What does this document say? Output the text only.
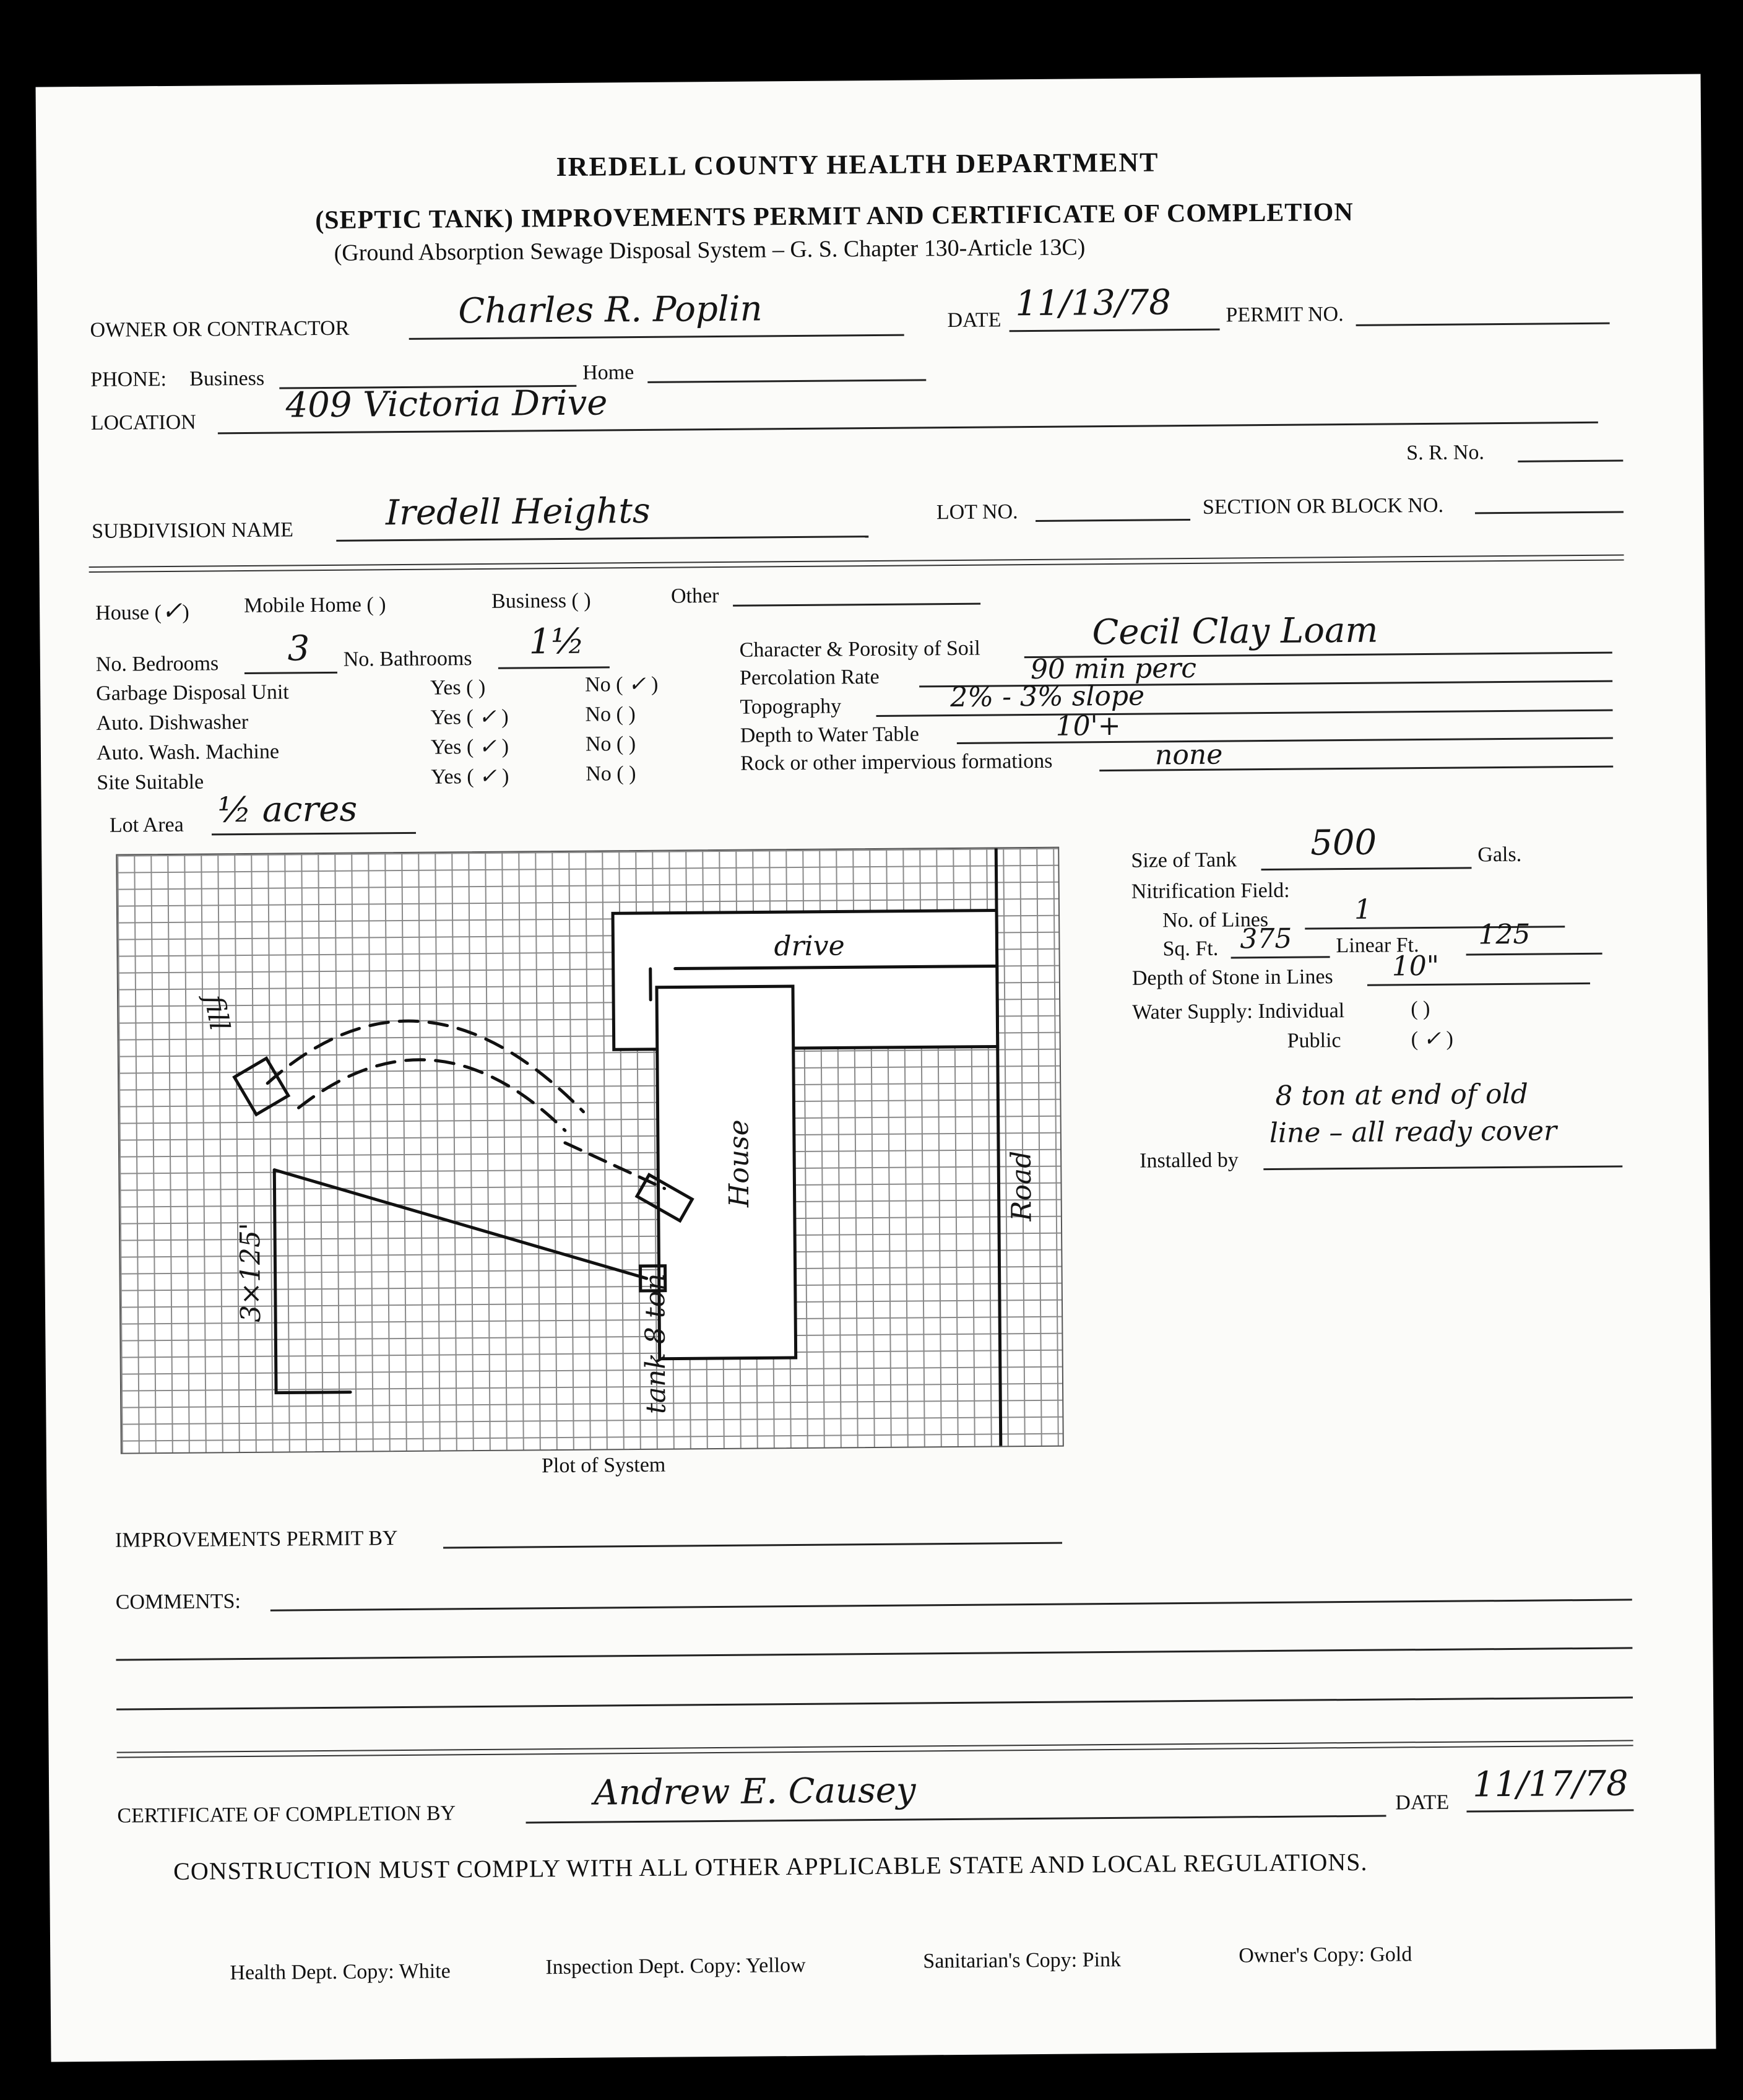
IREDELL COUNTY HEALTH DEPARTMENT
(SEPTIC TANK) IMPROVEMENTS PERMIT AND CERTIFICATE OF COMPLETION
(Ground Absorption Sewage Disposal System – G. S. Chapter 130-Article 13C)
OWNER OR CONTRACTOR	Charles R. Poplin	DATE 11/13/78	PERMIT NO.
PHONE: Business	Home
LOCATION	409 Victoria Drive
S. R. No.
SUBDIVISION NAME	Iredell Heights	LOT NO.	SECTION OR BLOCK NO.
House (✓)	Mobile Home ( )	Business ( )	Other
No. Bedrooms 3 No. Bathrooms 1½
Garbage Disposal Unit	Yes ( )	No ( ✓ )
Auto. Dishwasher	Yes ( ✓ )	No ( )
Auto. Wash. Machine	Yes ( ✓ )	No ( )
Site Suitable	Yes ( ✓ )	No ( )
Lot Area ½ acres
Character & Porosity of Soil	Cecil Clay Loam
Percolation Rate	90 min perc
Topography	2% - 3% slope
Depth to Water Table	10'+
Rock or other impervious formations	none
Size of Tank 500	Gals.
Nitrification Field:
No. of Lines	1
Sq. Ft. 375 Linear Ft. 125
Depth of Stone in Lines 10"
Water Supply: Individual	( )
Public	( ✓ )
8 ton at end of old
line – all ready cover
Installed by
fill
drive
House	Road
3×125'
tank 8 ton
Plot of System
IMPROVEMENTS PERMIT BY
COMMENTS:
CERTIFICATE OF COMPLETION BY
Andrew E. Causey	DATE 11/17/78
CONSTRUCTION MUST COMPLY WITH ALL OTHER APPLICABLE STATE AND LOCAL REGULATIONS.
Health Dept. Copy: White	Inspection Dept. Copy: Yellow	Sanitarian's Copy: Pink	Owner's Copy: Gold
